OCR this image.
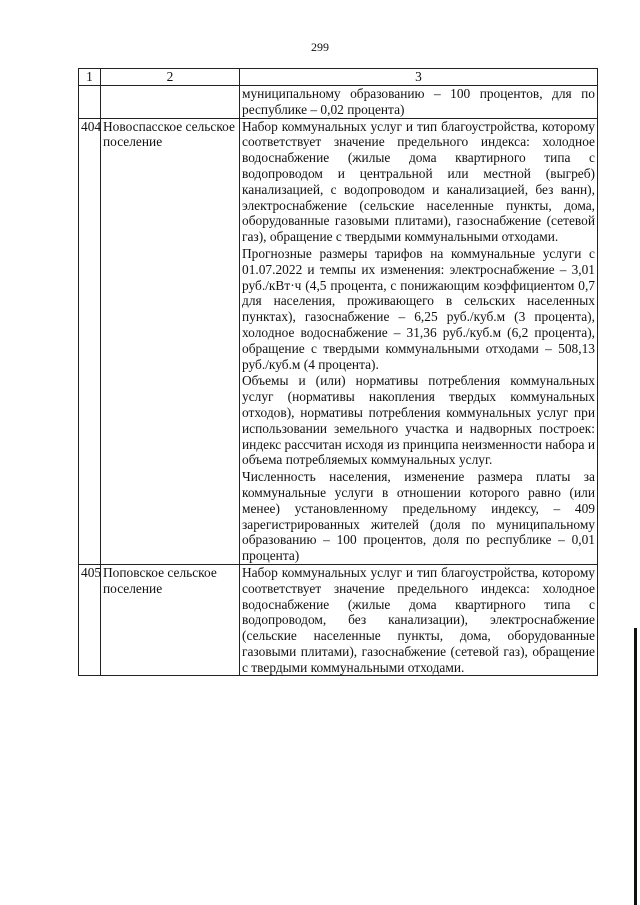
299
1	2	3

		муниципальному образованию – 100 процентов, для по республике – 0,02 процента)

404	Новоспасское сельское поселение	Набор коммунальных услуг и тип благоустройства, которому соответствует значение предельного индекса: холодное водоснабжение (жилые дома квартирного типа с водопроводом и центральной или местной (выгреб) канализацией, с водопроводом и канализацией, без ванн), электроснабжение (сельские населенные пункты, дома, оборудованные газовыми плитами), газоснабжение (сетевой газ), обращение с твердыми коммунальными отходами.
Прогнозные размеры тарифов на коммунальные услуги с 01.07.2022 и темпы их изменения: электроснабжение – 3,01 руб./кВт·ч (4,5 процента, с понижающим коэффициентом 0,7 для населения, проживающего в сельских населенных пунктах), газоснабжение – 6,25 руб./куб.м (3 процента), холодное водоснабжение – 31,36 руб./куб.м (6,2 процента), обращение с твердыми коммунальными отходами – 508,13 руб./куб.м (4 процента).
Объемы и (или) нормативы потребления коммунальных услуг (нормативы накопления твердых коммунальных отходов), нормативы потребления коммунальных услуг при использовании земельного участка и надворных построек: индекс рассчитан исходя из принципа неизменности набора и объема потребляемых коммунальных услуг.
Численность населения, изменение размера платы за коммунальные услуги в отношении которого равно (или менее) установленному предельному индексу, – 409 зарегистрированных жителей (доля по муниципальному образованию – 100 процентов, доля по республике – 0,01 процента)

405	Поповское сельское поселение	Набор коммунальных услуг и тип благоустройства, которому соответствует значение предельного индекса: холодное водоснабжение (жилые дома квартирного типа с водопроводом, без канализации), электроснабжение (сельские населенные пункты, дома, оборудованные газовыми плитами), газоснабжение (сетевой газ), обращение с твердыми коммунальными отходами.
